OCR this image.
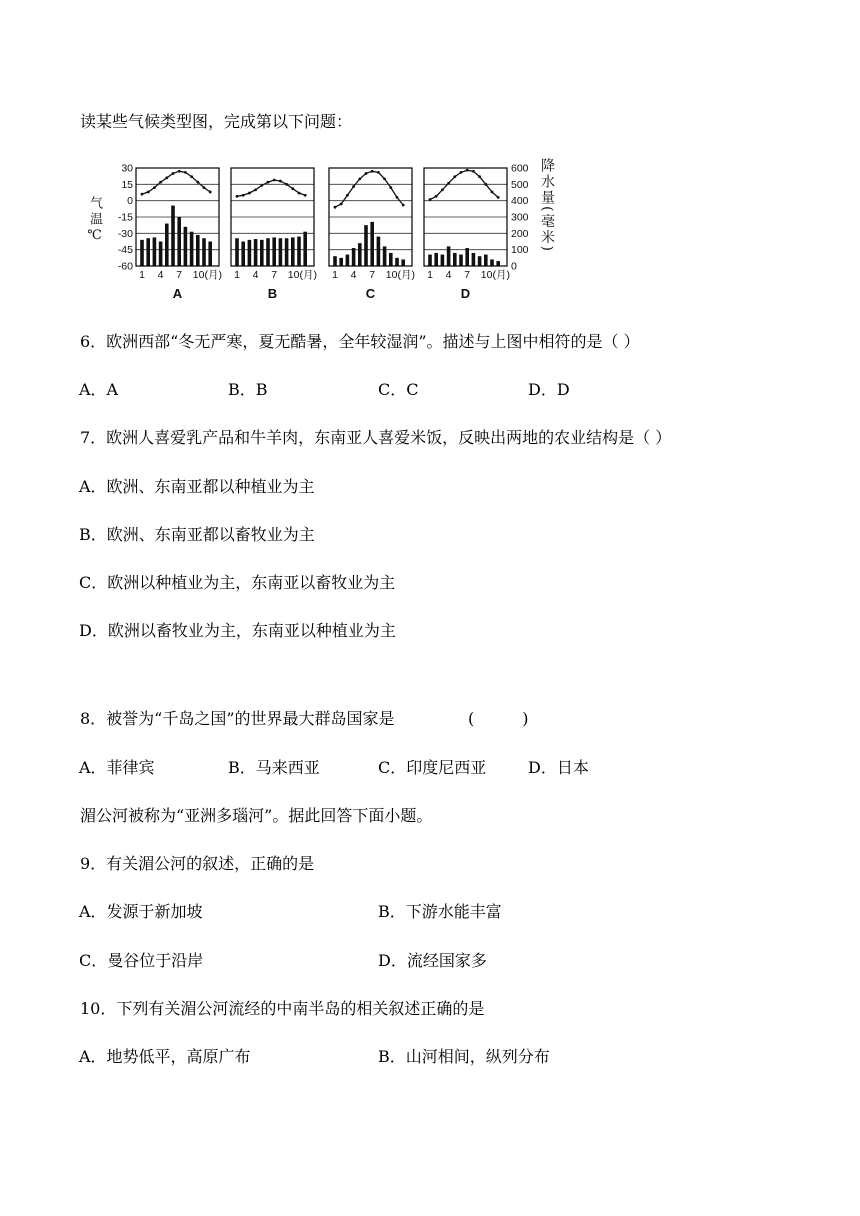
读某些气候类型图，完成第以下问题：
30
15
0
-15
-30
-45
-60
600
500
400
300
200
100
0
1 4 7 10(月)
A
1 4 7 10(月)
B
1 4 7 10(月)
C
1 4 7 10(月)
D
气温℃	降水量(毫米)
6．欧洲西部“冬无严寒，夏无酷暑，全年较湿润”。描述与上图中相符的是（ ）
A．A	B．B	C．C	D．D
7．欧洲人喜爱乳产品和牛羊肉，东南亚人喜爱米饭，反映出两地的农业结构是（ ）
A．欧洲、东南亚都以种植业为主
B．欧洲、东南亚都以畜牧业为主
C．欧洲以种植业为主，东南亚以畜牧业为主
D．欧洲以畜牧业为主，东南亚以种植业为主
8．被誉为“千岛之国”的世界最大群岛国家是	(　　　)
A．菲律宾	B．马来西亚	C．印度尼西亚	D．日本
湄公河被称为“亚洲多瑙河”。据此回答下面小题。
9．有关湄公河的叙述，正确的是
A．发源于新加坡	B．下游水能丰富
C．曼谷位于沿岸	D．流经国家多
10．下列有关湄公河流经的中南半岛的相关叙述正确的是
A．地势低平，高原广布	B．山河相间，纵列分布
